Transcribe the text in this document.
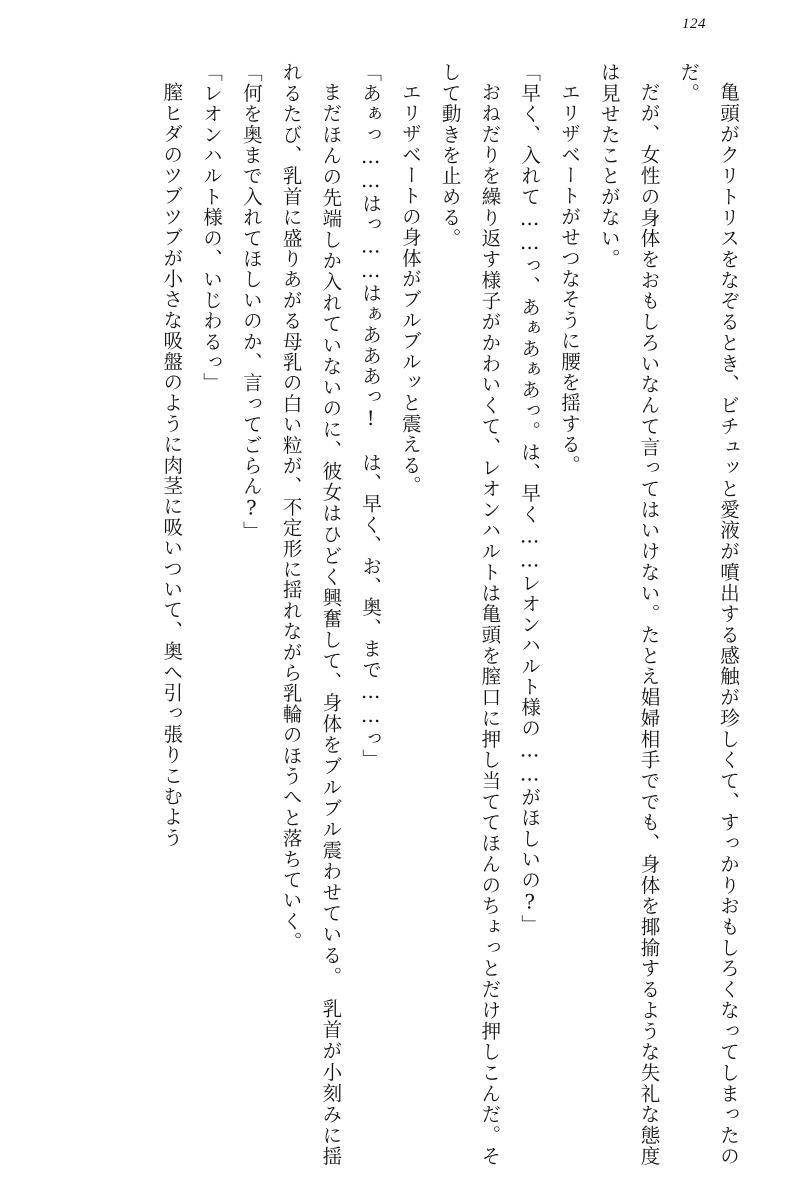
124

亀頭がクリトリスをなぞるとき、ビチュッと愛液が噴出する感触が珍しくて、すっかりおもしろくなってしまったのだ。

だが、女性の身体をおもしろいなんて言ってはいけない。たとえ娼婦相手ででも、身体を揶揄するような失礼な態度は見せたことがない。

エリザベートがせつなそうに腰を揺する。

「早く、入れて……っ、あぁあぁあっ。は、早く……レオンハルト様の……がほしいの?」

おねだりを繰り返す様子がかわいくて、レオンハルトは亀頭を膣口に押し当ててほんのちょっとだけ押しこんだ。そして動きを止める。

エリザベートの身体がブルブルッと震える。

「あぁっ……はっ……はぁあああっ!　は、早く、お、奥、まで……っ」

まだほんの先端しか入れていないのに、彼女はひどく興奮して、身体をブルブル震わせている。　乳首が小刻みに揺れるたび、乳首に盛りあがる母乳の白い粒が、不定形に揺れながら乳輪のほうへと落ちていく。

「何を奥まで入れてほしいのか、言ってごらん?」

「レオンハルト様の、いじわるっ」

膣ヒダのツブツブが小さな吸盤のように肉茎に吸いついて、奥へ引っ張りこむよう
